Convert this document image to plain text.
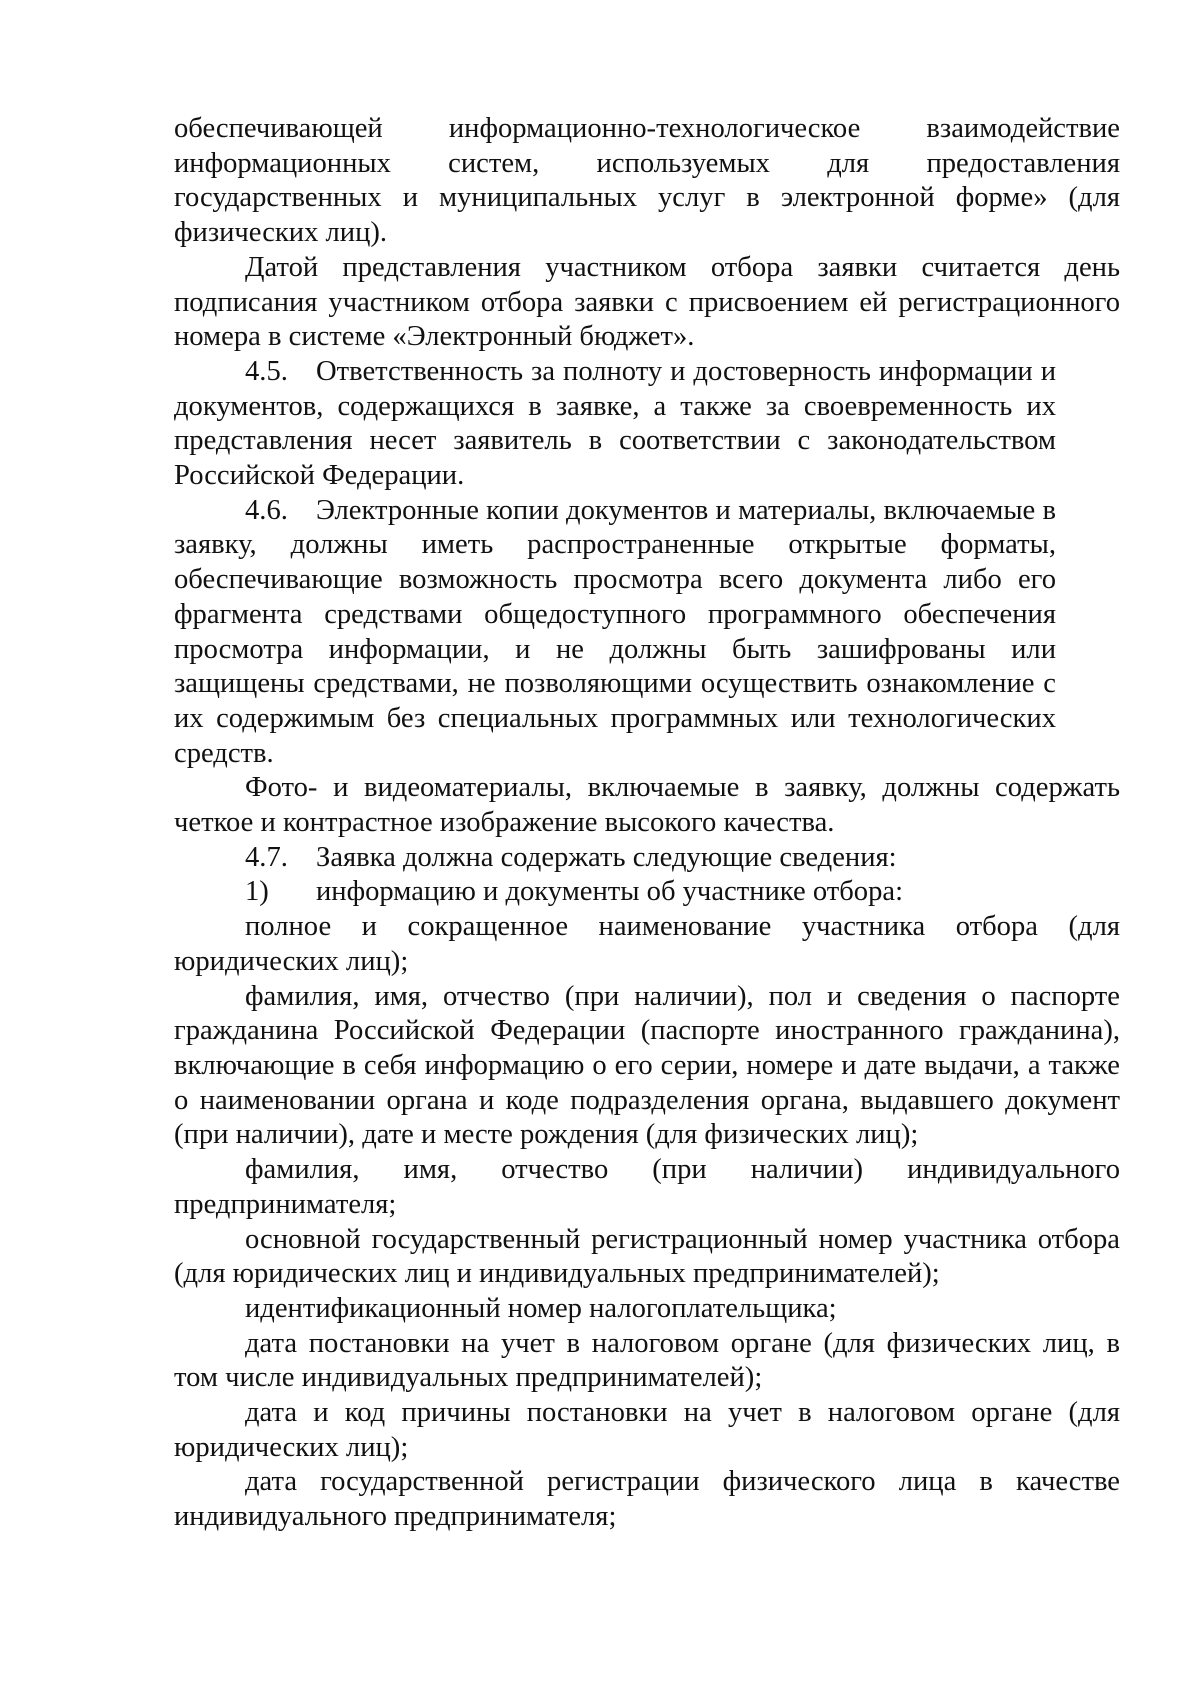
обеспечивающей информационно-технологическое взаимодействие информационных систем, используемых для предоставления государственных и муниципальных услуг в электронной форме» (для физических лиц).

Датой представления участником отбора заявки считается день подписания участником отбора заявки с присвоением ей регистрационного номера в системе «Электронный бюджет».

4.5. Ответственность за полноту и достоверность информации и документов, содержащихся в заявке, а также за своевременность их представления несет заявитель в соответствии с законодательством Российской Федерации.

4.6. Электронные копии документов и материалы, включаемые в заявку, должны иметь распространенные открытые форматы, обеспечивающие возможность просмотра всего документа либо его фрагмента средствами общедоступного программного обеспечения просмотра информации, и не должны быть зашифрованы или защищены средствами, не позволяющими осуществить ознакомление с их содержимым без специальных программных или технологических средств.

Фото- и видеоматериалы, включаемые в заявку, должны содержать четкое и контрастное изображение высокого качества.

4.7. Заявка должна содержать следующие сведения:

1) информацию и документы об участнике отбора:

полное и сокращенное наименование участника отбора (для юридических лиц);

фамилия, имя, отчество (при наличии), пол и сведения о паспорте гражданина Российской Федерации (паспорте иностранного гражданина), включающие в себя информацию о его серии, номере и дате выдачи, а также о наименовании органа и коде подразделения органа, выдавшего документ (при наличии), дате и месте рождения (для физических лиц);

фамилия, имя, отчество (при наличии) индивидуального предпринимателя;

основной государственный регистрационный номер участника отбора (для юридических лиц и индивидуальных предпринимателей);

идентификационный номер налогоплательщика;

дата постановки на учет в налоговом органе (для физических лиц, в том числе индивидуальных предпринимателей);

дата и код причины постановки на учет в налоговом органе (для юридических лиц);

дата государственной регистрации физического лица в качестве индивидуального предпринимателя;
